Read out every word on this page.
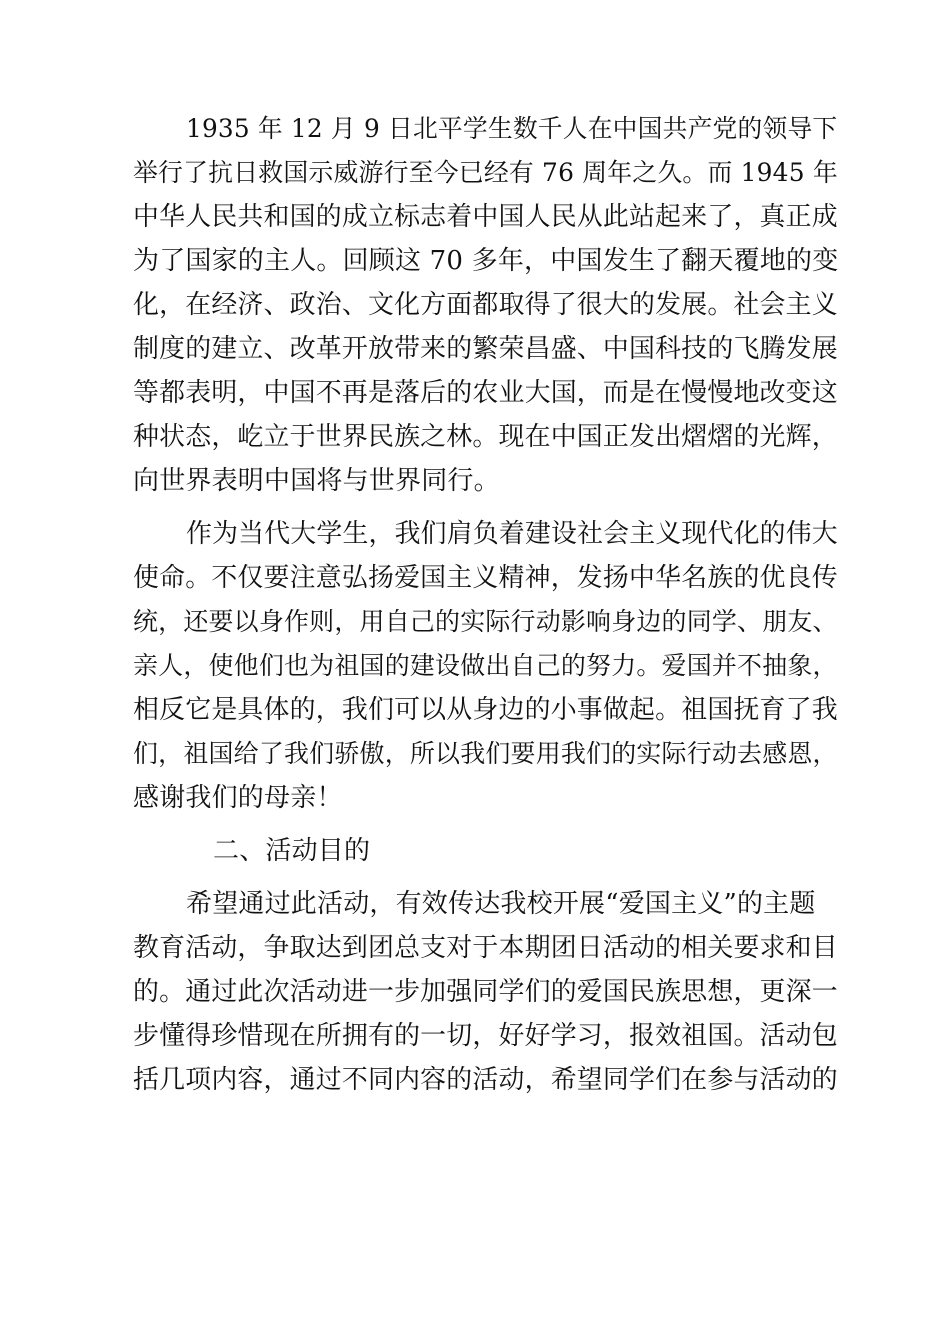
1935 年 12 月 9 日北平学生数千人在中国共产党的领导下
举行了抗日救国示威游行至今已经有 76 周年之久。而 1945 年
中华人民共和国的成立标志着中国人民从此站起来了，真正成
为了国家的主人。回顾这 70 多年，中国发生了翻天覆地的变
化，在经济、政治、文化方面都取得了很大的发展。社会主义
制度的建立、改革开放带来的繁荣昌盛、中国科技的飞腾发展
等都表明，中国不再是落后的农业大国，而是在慢慢地改变这
种状态，屹立于世界民族之林。现在中国正发出熠熠的光辉，
向世界表明中国将与世界同行。
作为当代大学生，我们肩负着建设社会主义现代化的伟大
使命。不仅要注意弘扬爱国主义精神，发扬中华名族的优良传
统，还要以身作则，用自己的实际行动影响身边的同学、朋友、
亲人，使他们也为祖国的建设做出自己的努力。爱国并不抽象，
相反它是具体的，我们可以从身边的小事做起。祖国抚育了我
们，祖国给了我们骄傲，所以我们要用我们的实际行动去感恩，
感谢我们的母亲！
二、活动目的
希望通过此活动，有效传达我校开展“爱国主义”的主题
教育活动，争取达到团总支对于本期团日活动的相关要求和目
的。通过此次活动进一步加强同学们的爱国民族思想，更深一
步懂得珍惜现在所拥有的一切，好好学习，报效祖国。活动包
括几项内容，通过不同内容的活动，希望同学们在参与活动的
